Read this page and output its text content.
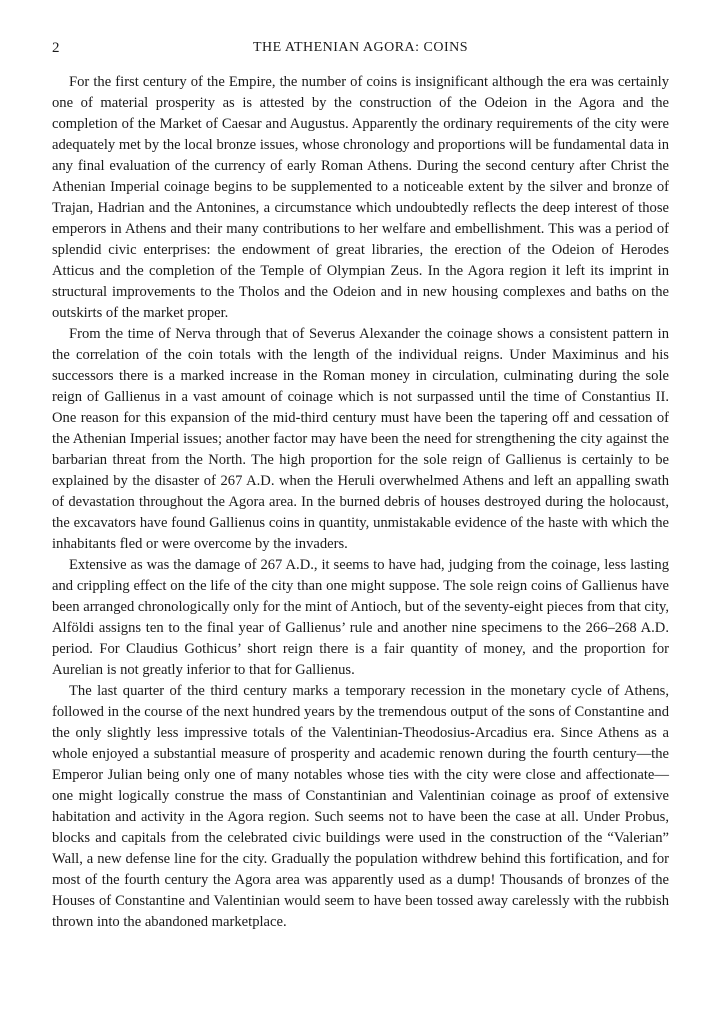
2	THE ATHENIAN AGORA: COINS

For the first century of the Empire, the number of coins is insignificant although the era was certainly one of material prosperity as is attested by the construction of the Odeion in the Agora and the completion of the Market of Caesar and Augustus. Apparently the ordinary requirements of the city were adequately met by the local bronze issues, whose chronology and proportions will be fundamental data in any final evaluation of the currency of early Roman Athens. During the second century after Christ the Athenian Imperial coinage begins to be supplemented to a noticeable extent by the silver and bronze of Trajan, Hadrian and the Antonines, a circumstance which undoubtedly reflects the deep interest of those emperors in Athens and their many contributions to her welfare and embellishment. This was a period of splendid civic enterprises: the endowment of great libraries, the erection of the Odeion of Herodes Atticus and the completion of the Temple of Olympian Zeus. In the Agora region it left its imprint in structural improvements to the Tholos and the Odeion and in new housing complexes and baths on the outskirts of the market proper.

From the time of Nerva through that of Severus Alexander the coinage shows a consistent pattern in the correlation of the coin totals with the length of the individual reigns. Under Maximinus and his successors there is a marked increase in the Roman money in circulation, culminating during the sole reign of Gallienus in a vast amount of coinage which is not surpassed until the time of Constantius II. One reason for this expansion of the mid-third century must have been the tapering off and cessation of the Athenian Imperial issues; another factor may have been the need for strengthening the city against the barbarian threat from the North. The high proportion for the sole reign of Gallienus is certainly to be explained by the disaster of 267 A.D. when the Heruli overwhelmed Athens and left an appalling swath of devastation throughout the Agora area. In the burned debris of houses destroyed during the holocaust, the excavators have found Gallienus coins in quantity, unmistakable evidence of the haste with which the inhabitants fled or were overcome by the invaders.

Extensive as was the damage of 267 A.D., it seems to have had, judging from the coinage, less lasting and crippling effect on the life of the city than one might suppose. The sole reign coins of Gallienus have been arranged chronologically only for the mint of Antioch, but of the seventy-eight pieces from that city, Alföldi assigns ten to the final year of Gallienus’ rule and another nine specimens to the 266–268 A.D. period. For Claudius Gothicus’ short reign there is a fair quantity of money, and the proportion for Aurelian is not greatly inferior to that for Gallienus.

The last quarter of the third century marks a temporary recession in the monetary cycle of Athens, followed in the course of the next hundred years by the tremendous output of the sons of Constantine and the only slightly less impressive totals of the Valentinian-Theodosius-Arcadius era. Since Athens as a whole enjoyed a substantial measure of prosperity and academic renown during the fourth century—the Emperor Julian being only one of many notables whose ties with the city were close and affectionate—one might logically construe the mass of Constantinian and Valentinian coinage as proof of extensive habitation and activity in the Agora region. Such seems not to have been the case at all. Under Probus, blocks and capitals from the celebrated civic buildings were used in the construction of the “Valerian” Wall, a new defense line for the city. Gradually the population withdrew behind this fortification, and for most of the fourth century the Agora area was apparently used as a dump! Thousands of bronzes of the Houses of Constantine and Valentinian would seem to have been tossed away carelessly with the rubbish thrown into the abandoned marketplace.
